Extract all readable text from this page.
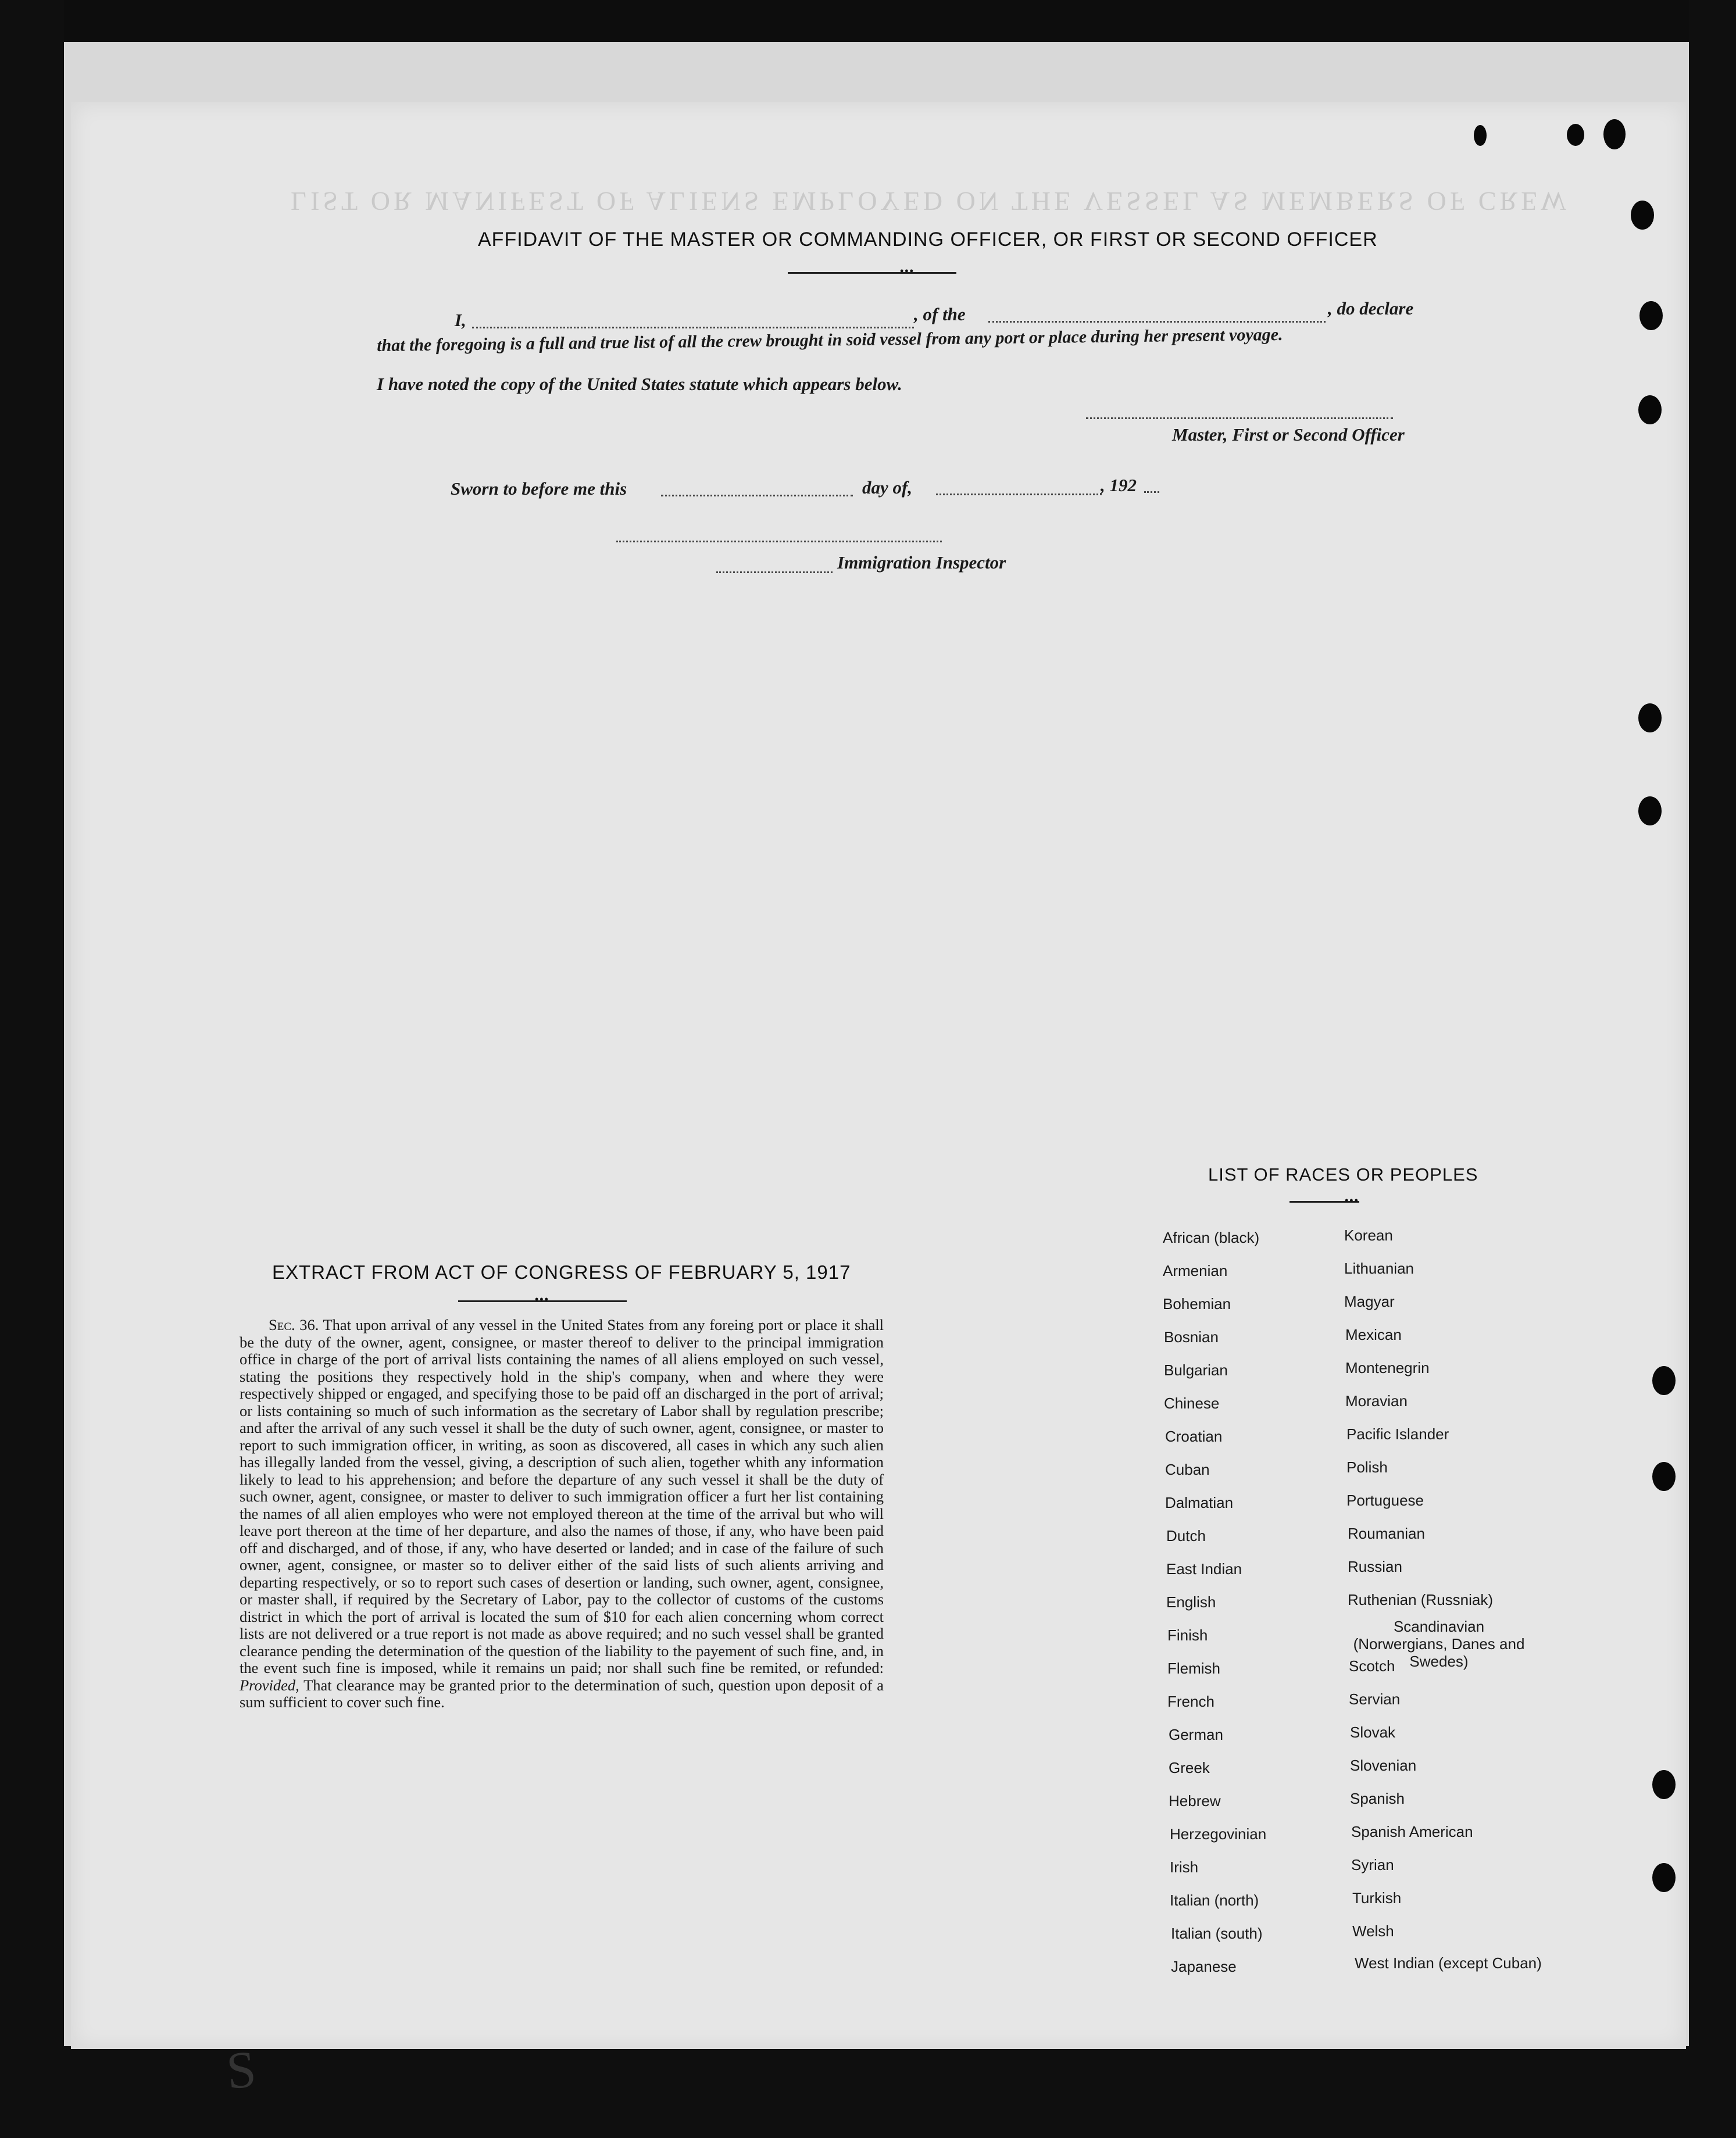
LIST OR MANIFEST OF ALIENS EMPLOYED ON THE VESSEL AS MEMBERS OF CREW
AFFIDAVIT OF THE MASTER OR COMMANDING OFFICER, OR FIRST OR SECOND OFFICER
•••
I,	, of the	, do declare
that the foregoing is a full and true list of all the crew brought in soid vessel from any port or place during her present voyage.
I have noted the copy of the United States statute which appears below.
Master, First or Second Officer
Sworn to before me this	day of,	, 192
Immigration Inspector
EXTRACT FROM ACT OF CONGRESS OF FEBRUARY 5, 1917
•••
Sec. 36. That upon arrival of any vessel in the United States from any foreing port or place it shall be the duty of the owner, agent, consignee, or master thereof to deliver to the principal immigration office in charge of the port of arrival lists containing the names of all aliens employed on such vessel, stating the positions they respectively hold in the ship's company, when and where they were respectively shipped or engaged, and specifying those to be paid off an discharged in the port of arrival; or lists containing so much of such information as the secretary of Labor shall by regulation prescribe; and after the arrival of any such vessel it shall be the duty of such owner, agent, consignee, or master to report to such immigration officer, in writing, as soon as discovered, all cases in which any such alien has illegally landed from the vessel, giving, a description of such alien, together whith any information likely to lead to his apprehension; and before the departure of any such vessel it shall be the duty of such owner, agent, consignee, or master to deliver to such immigration officer a furt her list containing the names of all alien employes who were not employed thereon at the time of the arrival but who will leave port thereon at the time of her departure, and also the names of those, if any, who have been paid off and discharged, and of those, if any, who have deserted or landed; and in case of the failure of such owner, agent, consignee, or master so to deliver either of the said lists of such alients arriving and departing respectively, or so to report such cases of desertion or landing, such owner, agent, consignee, or master shall, if required by the Secretary of Labor, pay to the collector of customs of the customs district in which the port of arrival is located the sum of $10 for each alien concerning whom correct lists are not delivered or a true report is not made as above required; and no such vessel shall be granted clearance pending the determination of the question of the liability to the payement of such fine, and, in the event such fine is imposed, while it remains un paid; nor shall such fine be remited, or refunded: Provided, That clearance may be granted prior to the determination of such, question upon deposit of a sum sufficient to cover such fine.
LIST OF RACES OR PEOPLES
•••
African (black)
Armenian
Bohemian
Bosnian
Bulgarian
Chinese
Croatian
Cuban
Dalmatian
Dutch
East Indian
English
Finish
Flemish
French
German
Greek
Hebrew
Herzegovinian
Irish
Italian (north)
Italian (south)
Japanese
Korean
Lithuanian
Magyar
Mexican
Montenegrin
Moravian
Pacific Islander
Polish
Portuguese
Roumanian
Russian
Ruthenian (Russniak)
Scandinavian (Norwergians, Danes and Swedes)
Scotch
Servian
Slovak
Slovenian
Spanish
Spanish American
Syrian
Turkish
Welsh
West Indian (except Cuban)
S
